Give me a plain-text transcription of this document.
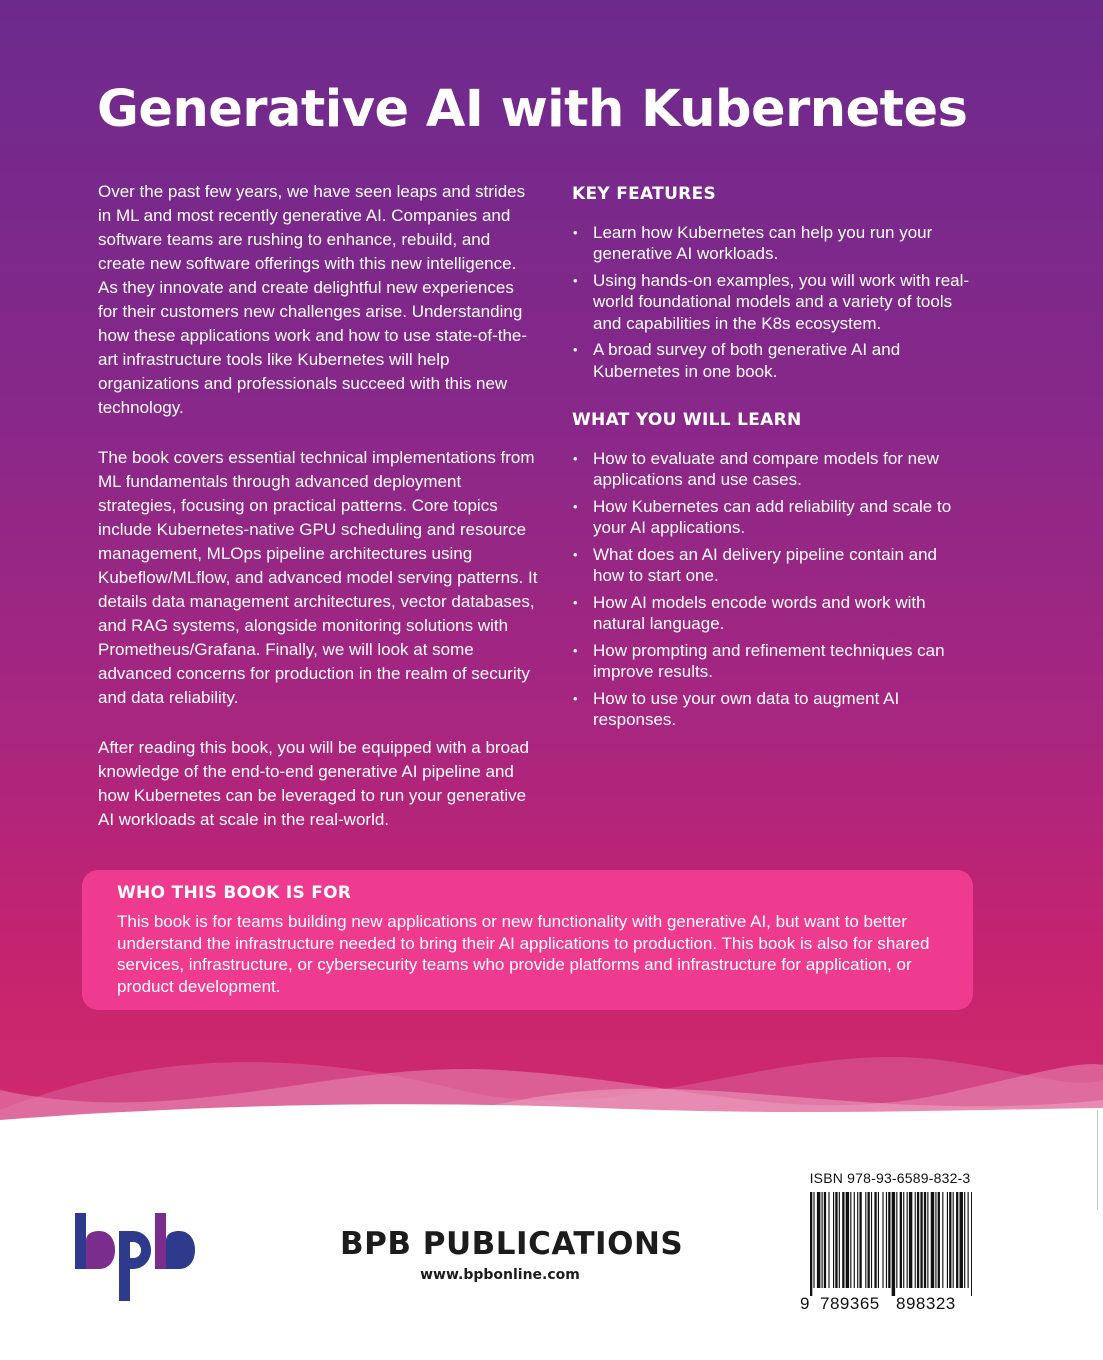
Generative AI with Kubernetes

Over the past few years, we have seen leaps and strides in ML and most recently generative AI. Companies and software teams are rushing to enhance, rebuild, and create new software offerings with this new intelligence. As they innovate and create delightful new experiences for their customers new challenges arise. Understanding how these applications work and how to use state-of-the-art infrastructure tools like Kubernetes will help organizations and professionals succeed with this new technology.

The book covers essential technical implementations from ML fundamentals through advanced deployment strategies, focusing on practical patterns. Core topics include Kubernetes-native GPU scheduling and resource management, MLOps pipeline architectures using Kubeflow/MLflow, and advanced model serving patterns. It details data management architectures, vector databases, and RAG systems, alongside monitoring solutions with Prometheus/Grafana. Finally, we will look at some advanced concerns for production in the realm of security and data reliability.

After reading this book, you will be equipped with a broad knowledge of the end-to-end generative AI pipeline and how Kubernetes can be leveraged to run your generative AI workloads at scale in the real-world.

KEY FEATURES
• Learn how Kubernetes can help you run your generative AI workloads.
• Using hands-on examples, you will work with real-world foundational models and a variety of tools and capabilities in the K8s ecosystem.
• A broad survey of both generative AI and Kubernetes in one book.
WHAT YOU WILL LEARN
• How to evaluate and compare models for new applications and use cases.
• How Kubernetes can add reliability and scale to your AI applications.
• What does an AI delivery pipeline contain and how to start one.
• How AI models encode words and work with natural language.
• How prompting and refinement techniques can improve results.
• How to use your own data to augment AI responses.
WHO THIS BOOK IS FOR

This book is for teams building new applications or new functionality with generative AI, but want to better understand the infrastructure needed to bring their AI applications to production. This book is also for shared services, infrastructure, or cybersecurity teams who provide platforms and infrastructure for application, or product development.

BPB PUBLICATIONS
www.bpbonline.com
ISBN 978-93-6589-832-3
9 789365 898323
